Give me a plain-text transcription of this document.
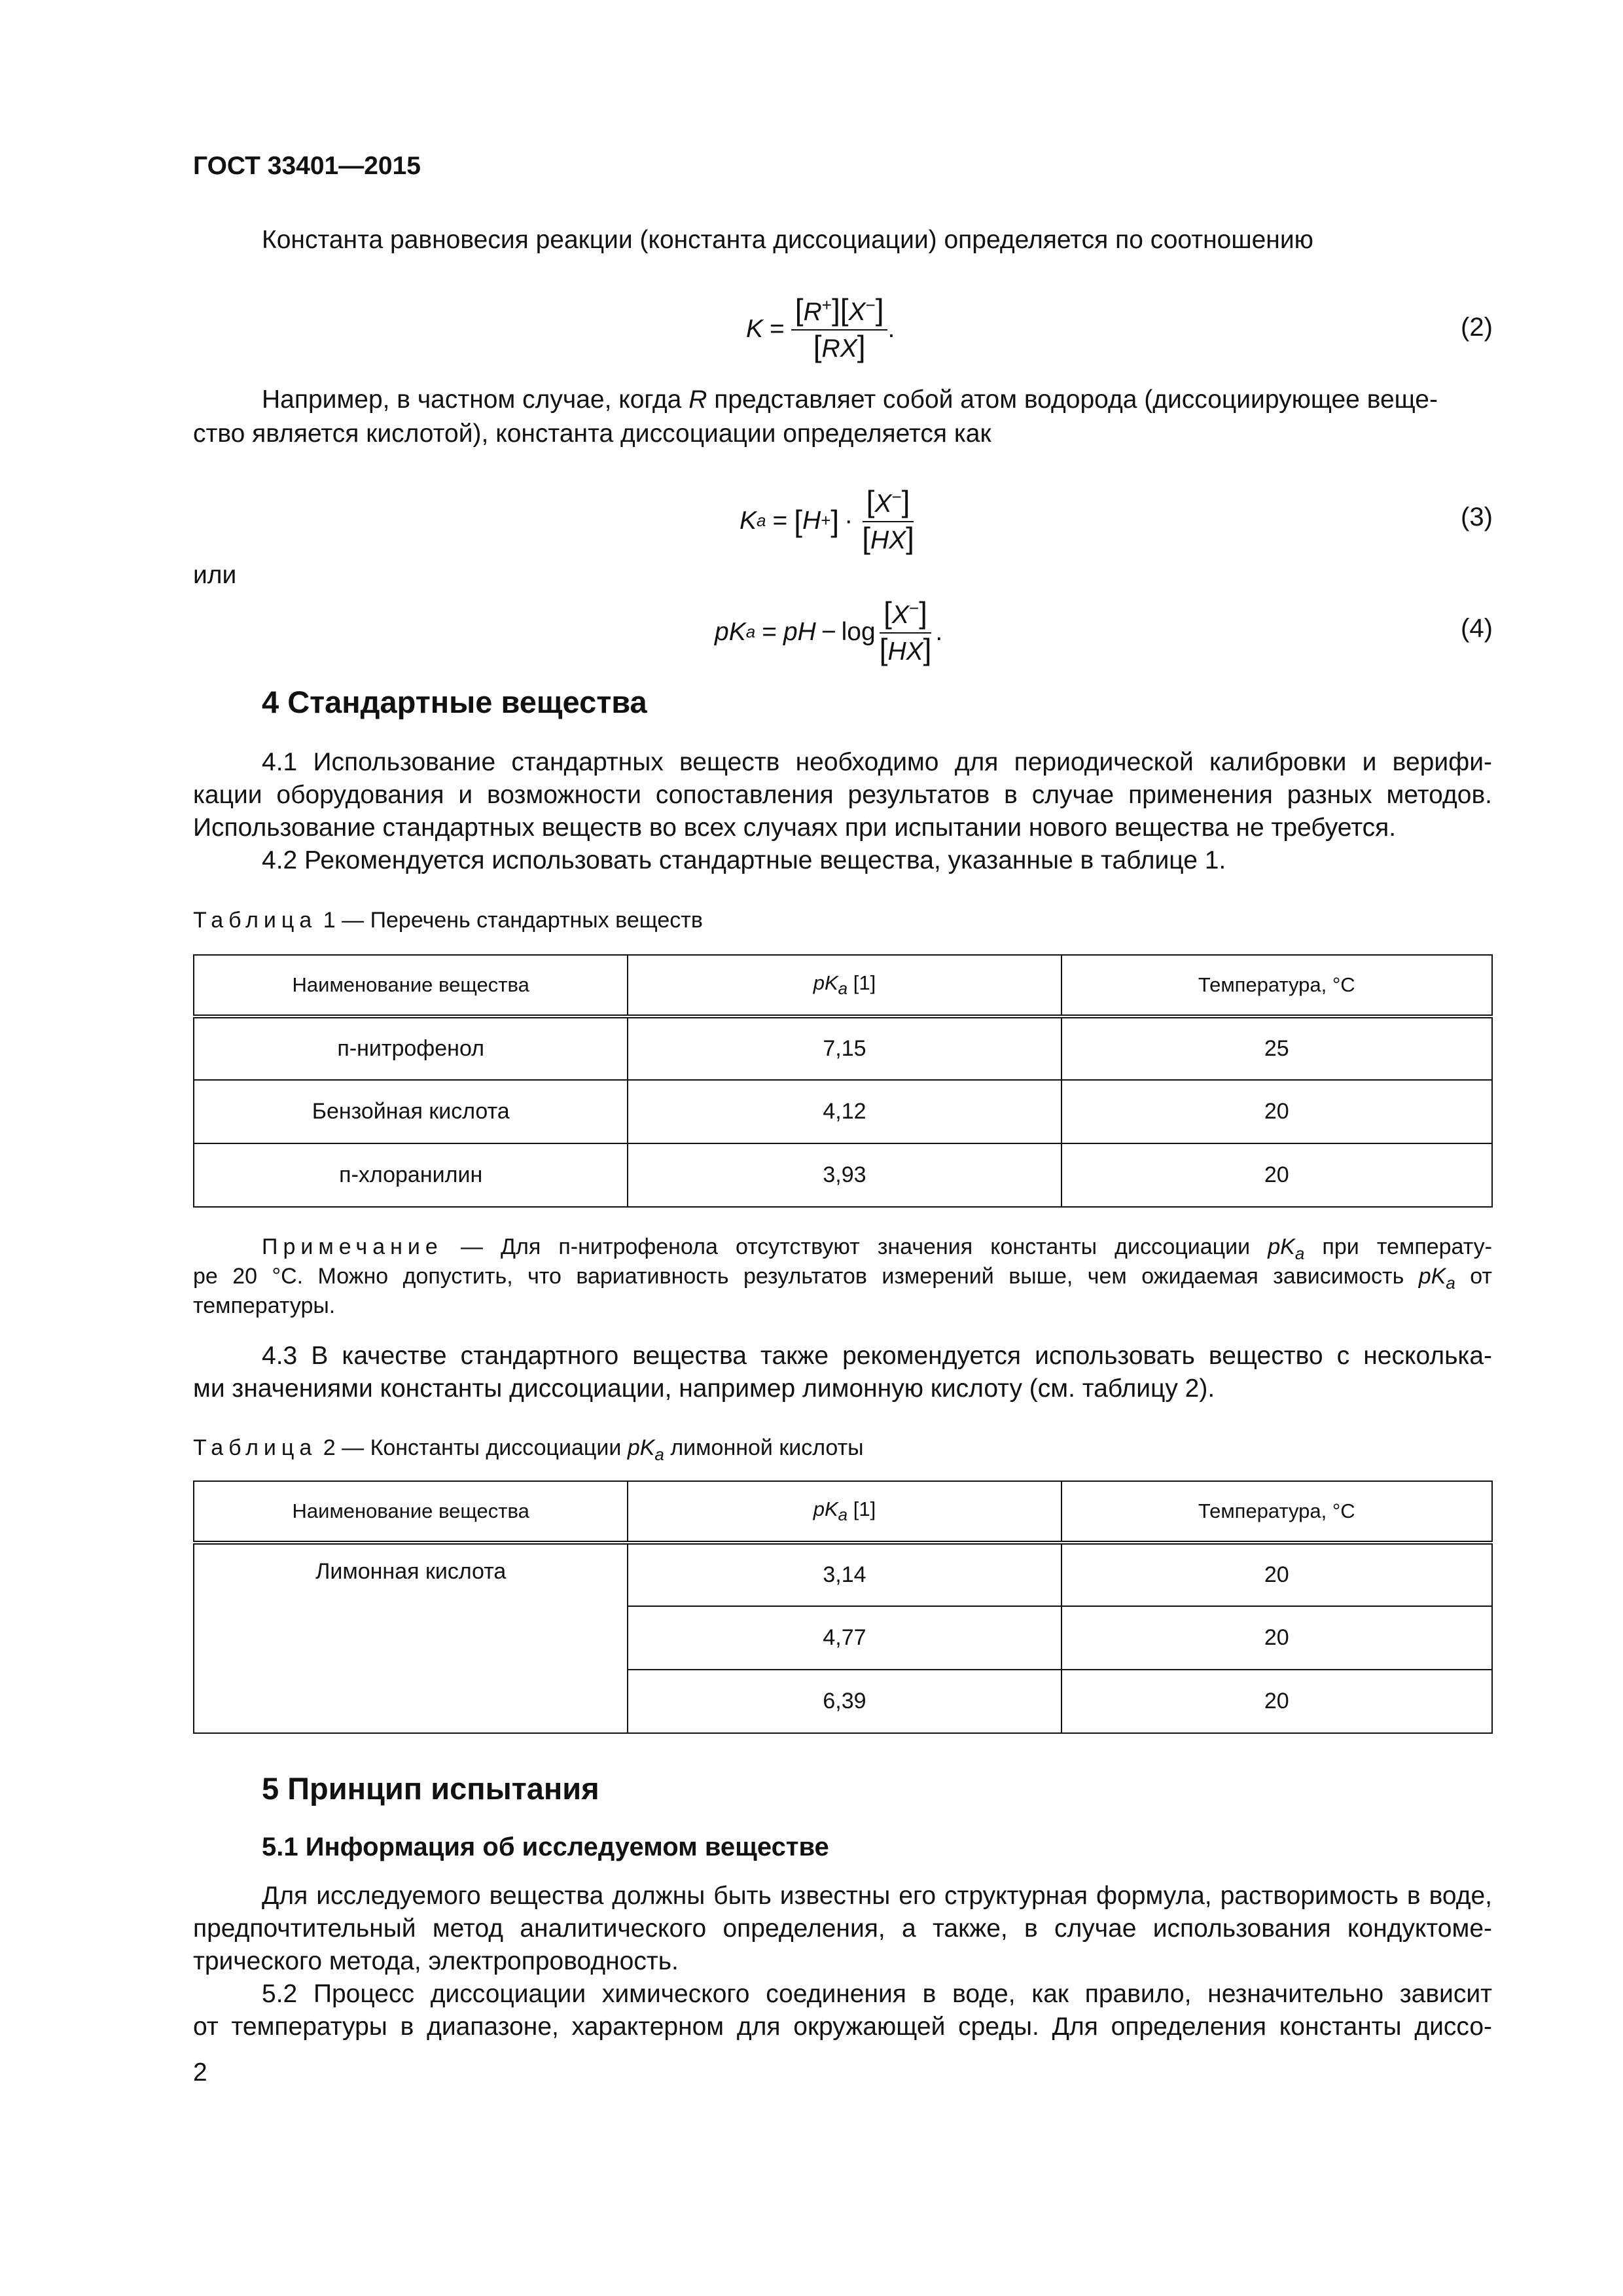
ГОСТ 33401—2015
Константа равновесия реакции (константа диссоциации) определяется по соотношению
$K = \frac{[R^+][X^-]}{[RX]}$ .	(2)
Например, в частном случае, когда R представляет собой атом водорода (диссоциирующее веще-
ство является кислотой), константа диссоциации определяется как
K a = [ H + ] · $\frac{[X^-]}{[HX]}$	(3)
или
p K a = pH − $\log \frac{[X^-]}{[HX]}$ .	(4)
4 Стандартные вещества
4.1 Использование стандартных веществ необходимо для периодической калибровки и верифи-
кации оборудования и возможности сопоставления результатов в случае применения разных методов.
Использование стандартных веществ во всех случаях при испытании нового вещества не требуется.
4.2 Рекомендуется использовать стандартные вещества, указанные в таблице 1.
Таблица 1 — Перечень стандартных веществ
Наименование вещества	$pK_a$ [1]	Температура, °С
п-нитрофенол	7,15	25
Бензойная кислота	4,12	20
п-хлоранилин	3,93	20
Примечание — Для п-нитрофенола отсутствуют значения константы диссоциации $pK_a$ при температу-
ре 20 °С. Можно допустить, что вариативность результатов измерений выше, чем ожидаемая зависимость $pK_a$ от
температуры.
4.3 В качестве стандартного вещества также рекомендуется использовать вещество с несколька-
ми значениями константы диссоциации, например лимонную кислоту (см. таблицу 2).
Таблица 2 — Константы диссоциации $pK_a$ лимонной кислоты
Наименование вещества	$pK_a$ [1]	Температура, °С
Лимонная кислота	3,14	20
	4,77	20
	6,39	20
5 Принцип испытания
5.1 Информация об исследуемом веществе
Для исследуемого вещества должны быть известны его структурная формула, растворимость в воде,
предпочтительный метод аналитического определения, а также, в случае использования кондуктоме-
трического метода, электропроводность.
5.2 Процесс диссоциации химического соединения в воде, как правило, незначительно зависит
от температуры в диапазоне, характерном для окружающей среды. Для определения константы диссо-
2
